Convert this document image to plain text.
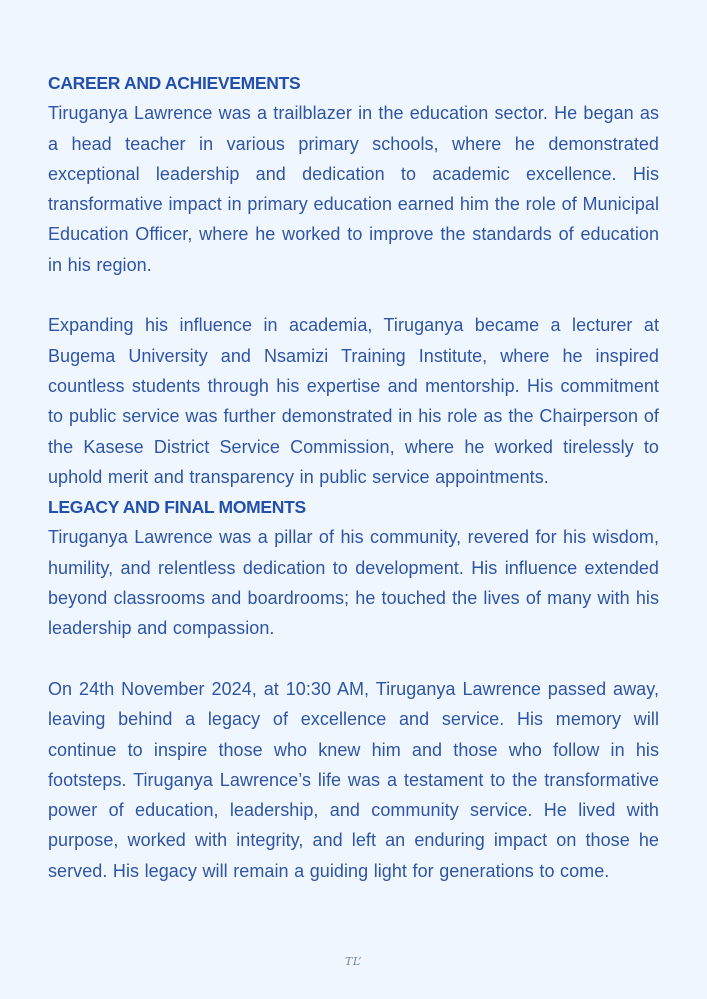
CAREER AND ACHIEVEMENTS

Tiruganya Lawrence was a trailblazer in the education sector. He began as a head teacher in various primary schools, where he demonstrated exceptional leadership and dedication to academic excellence. His transformative impact in primary education earned him the role of Municipal Education Officer, where he worked to improve the standards of education in his region.

Expanding his influence in academia, Tiruganya became a lecturer at Bugema University and Nsamizi Training Institute, where he inspired countless students through his expertise and mentorship. His commitment to public service was further demonstrated in his role as the Chairperson of the Kasese District Service Commission, where he worked tirelessly to uphold merit and transparency in public service appointments.

LEGACY AND FINAL MOMENTS

Tiruganya Lawrence was a pillar of his community, revered for his wisdom, humility, and relentless dedication to development. His influence extended beyond classrooms and boardrooms; he touched the lives of many with his leadership and compassion.

On 24th November 2024, at 10:30 AM, Tiruganya Lawrence passed away, leaving behind a legacy of excellence and service. His memory will continue to inspire those who knew him and those who follow in his footsteps. Tiruganya Lawrence’s life was a testament to the transformative power of education, leadership, and community service. He lived with purpose, worked with integrity, and left an enduring impact on those he served. His legacy will remain a guiding light for generations to come.

TL’
